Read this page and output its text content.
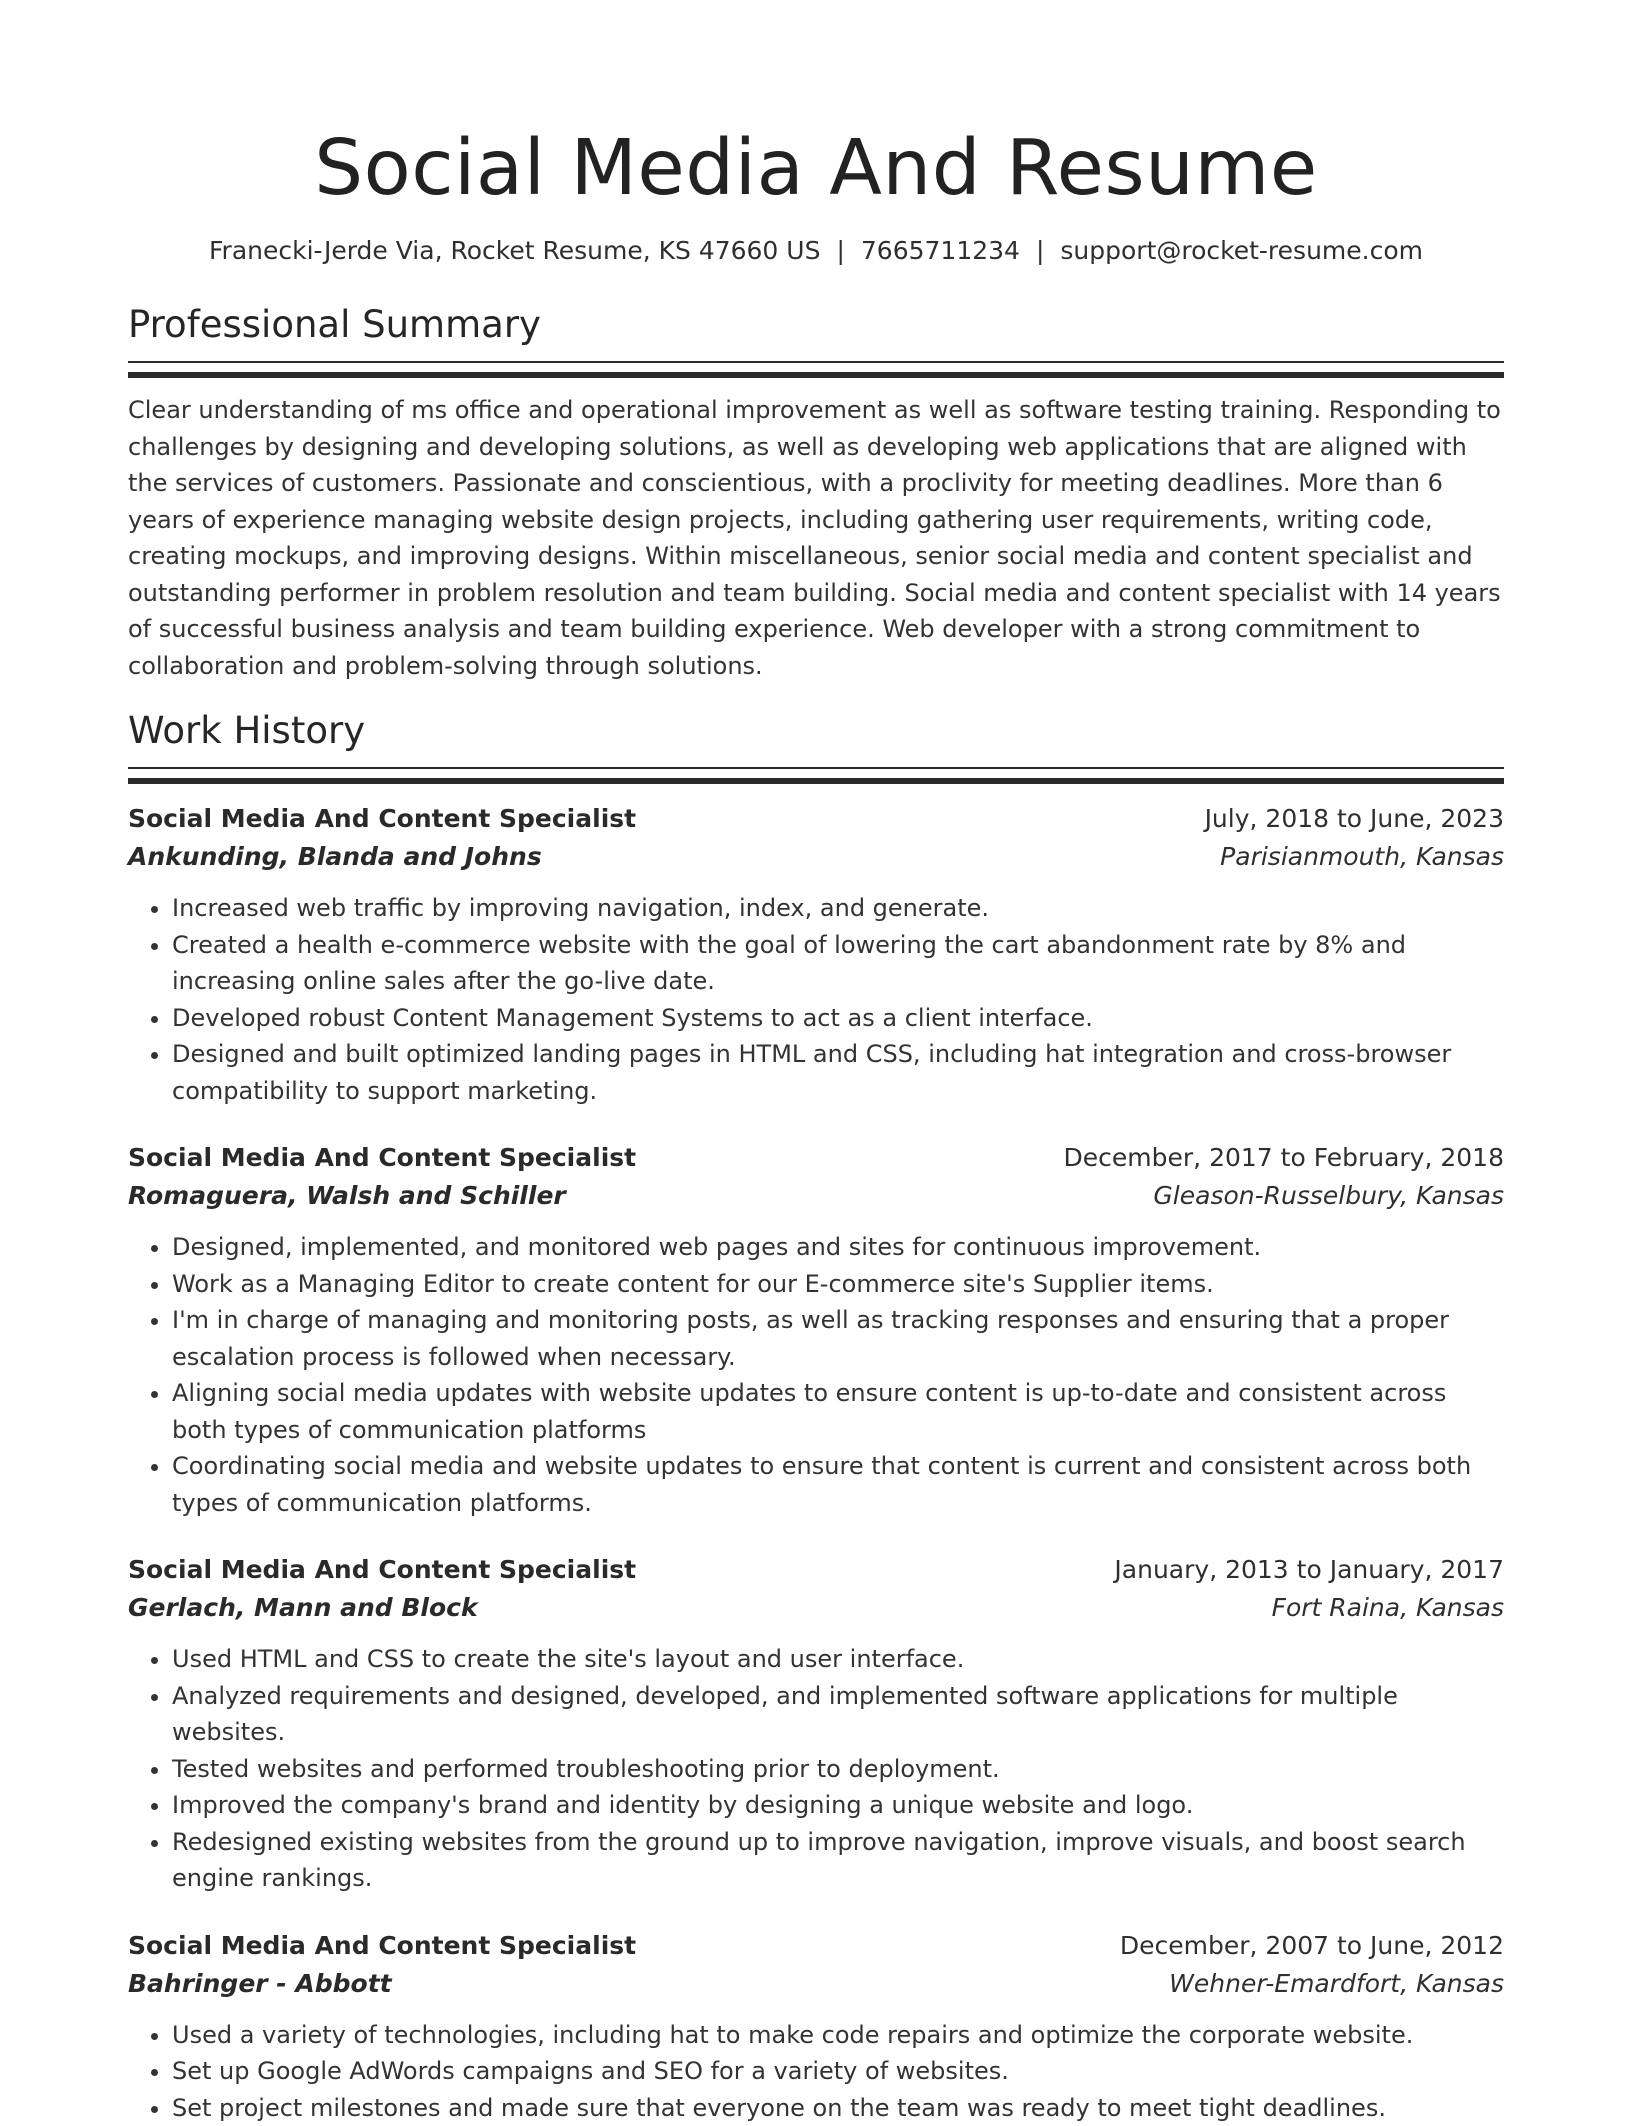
Social Media And Resume
Franecki-Jerde Via, Rocket Resume, KS 47660 US | 7665711234 | support@rocket-resume.com
Professional Summary

Clear understanding of ms office and operational improvement as well as software testing training. Responding to challenges by designing and developing solutions, as well as developing web applications that are aligned with the services of customers. Passionate and conscientious, with a proclivity for meeting deadlines. More than 6 years of experience managing website design projects, including gathering user requirements, writing code, creating mockups, and improving designs. Within miscellaneous, senior social media and content specialist and outstanding performer in problem resolution and team building. Social media and content specialist with 14 years of successful business analysis and team building experience. Web developer with a strong commitment to collaboration and problem-solving through solutions.

Work History
Social Media And Content Specialist	July, 2018 to June, 2023
Ankunding, Blanda and Johns	Parisianmouth, Kansas
• Increased web traffic by improving navigation, index, and generate.
• Created a health e-commerce website with the goal of lowering the cart abandonment rate by 8% and increasing online sales after the go-live date.
• Developed robust Content Management Systems to act as a client interface.
• Designed and built optimized landing pages in HTML and CSS, including hat integration and cross-browser compatibility to support marketing.
Social Media And Content Specialist	December, 2017 to February, 2018
Romaguera, Walsh and Schiller	Gleason-Russelbury, Kansas
• Designed, implemented, and monitored web pages and sites for continuous improvement.
• Work as a Managing Editor to create content for our E-commerce site's Supplier items.
• I'm in charge of managing and monitoring posts, as well as tracking responses and ensuring that a proper escalation process is followed when necessary.
• Aligning social media updates with website updates to ensure content is up-to-date and consistent across both types of communication platforms
• Coordinating social media and website updates to ensure that content is current and consistent across both types of communication platforms.
Social Media And Content Specialist	January, 2013 to January, 2017
Gerlach, Mann and Block	Fort Raina, Kansas
• Used HTML and CSS to create the site's layout and user interface.
• Analyzed requirements and designed, developed, and implemented software applications for multiple websites.
• Tested websites and performed troubleshooting prior to deployment.
• Improved the company's brand and identity by designing a unique website and logo.
• Redesigned existing websites from the ground up to improve navigation, improve visuals, and boost search engine rankings.
Social Media And Content Specialist	December, 2007 to June, 2012
Bahringer - Abbott	Wehner-Emardfort, Kansas
• Used a variety of technologies, including hat to make code repairs and optimize the corporate website.
• Set up Google AdWords campaigns and SEO for a variety of websites.
• Set project milestones and made sure that everyone on the team was ready to meet tight deadlines.
